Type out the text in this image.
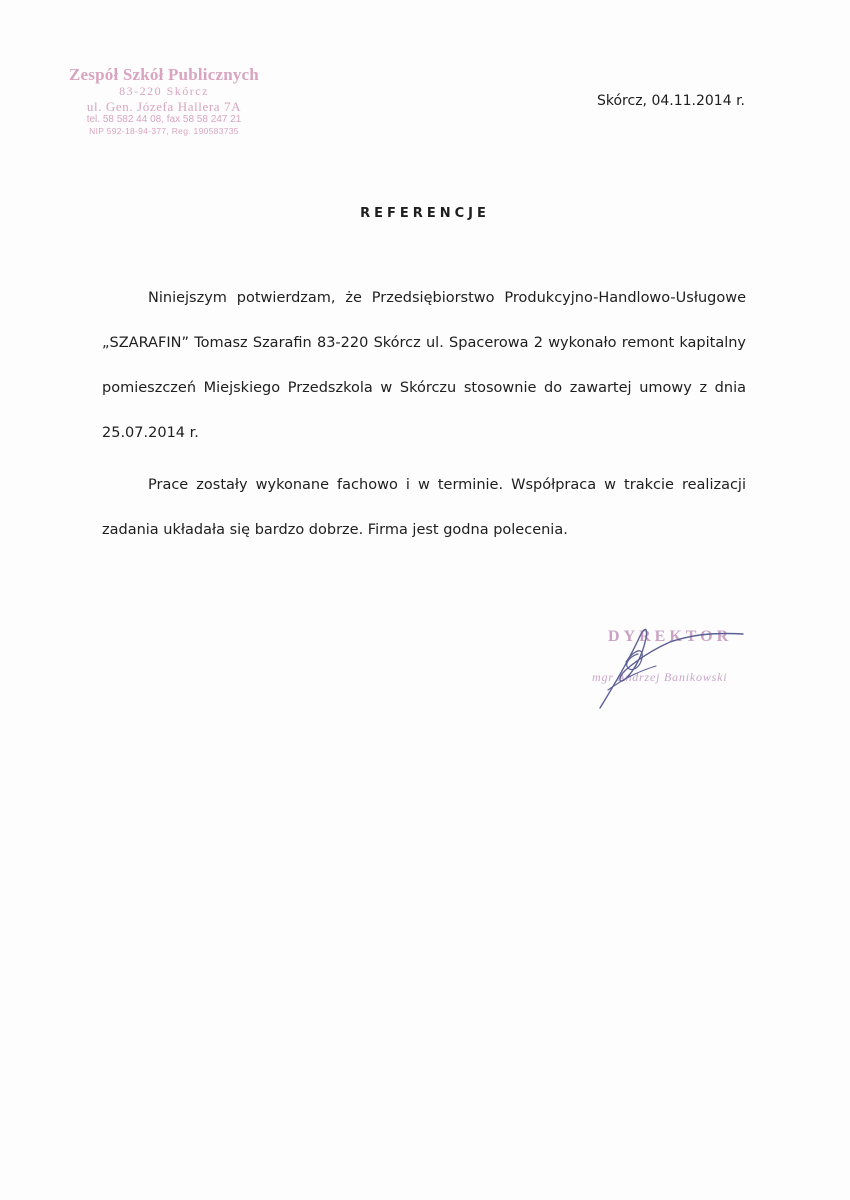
Zespół Szkół Publicznych
83-220 Skórcz
ul. Gen. Józefa Hallera 7A
tel. 58 582 44 08, fax 58 58 247 21
NIP 592-18-94-377, Reg. 190583735
Skórcz, 04.11.2014 r.
REFERENCJE

Niniejszym potwierdzam, że Przedsiębiorstwo Produkcyjno-Handlowo-Usługowe „SZARAFIN” Tomasz Szarafin 83-220 Skórcz ul. Spacerowa 2 wykonało remont kapitalny pomieszczeń Miejskiego Przedszkola w Skórczu stosownie do zawartej umowy z dnia 25.07.2014 r.

Prace zostały wykonane fachowo i w terminie. Współpraca w trakcie realizacji zadania układała się bardzo dobrze. Firma jest godna polecenia.

DYREKTOR
mgr Andrzej Banikowski
